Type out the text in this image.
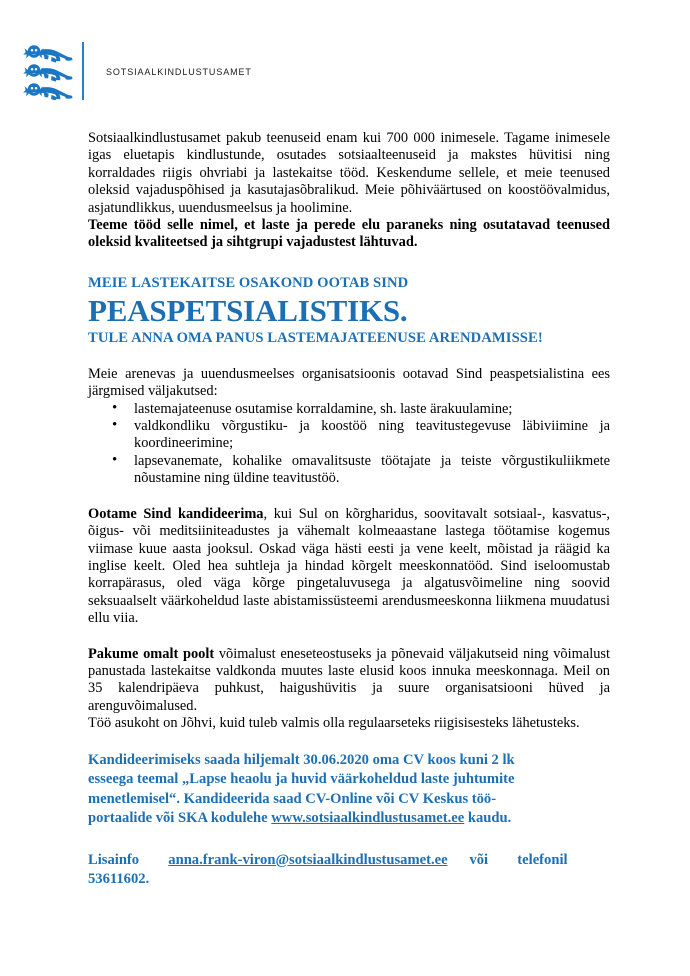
sotsiaalkindlustusamet

Sotsiaalkindlustusamet pakub teenuseid enam kui 700 000 inimesele. Tagame inimesele igas eluetapis kindlustunde, osutades sotsiaalteenuseid ja makstes hüvitisi ning korraldades riigis ohvriabi ja lastekaitse tööd. Keskendume sellele, et meie teenused oleksid vajaduspõhised ja kasutajasõbralikud. Meie põhiväärtused on koostöövalmidus, asjatundlikkus, uuendusmeelsus ja hoolimine.

Teeme tööd selle nimel, et laste ja perede elu paraneks ning osutatavad teenused oleksid kvaliteetsed ja sihtgrupi vajadustest lähtuvad.

MEIE LASTEKAITSE OSAKOND OOTAB SIND
PEASPETSIALISTIKS.
TULE ANNA OMA PANUS LASTEMAJATEENUSE ARENDAMISSE!

Meie arenevas ja uuendusmeelses organisatsioonis ootavad Sind peaspetsialistina ees järgmised väljakutsed:

• lastemajateenuse osutamise korraldamine, sh. laste ärakuulamine;
• valdkondliku võrgustiku- ja koostöö ning teavitustegevuse läbiviimine ja koordineerimine;
• lapsevanemate, kohalike omavalitsuste töötajate ja teiste võrgustikuliikmete nõustamine ning üldine teavitustöö.

Ootame Sind kandideerima, kui Sul on kõrgharidus, soovitavalt sotsiaal-, kasvatus-, õigus- või meditsiiniteadustes ja vähemalt kolmeaastane lastega töötamise kogemus viimase kuue aasta jooksul. Oskad väga hästi eesti ja vene keelt, mõistad ja räägid ka inglise keelt. Oled hea suhtleja ja hindad kõrgelt meeskonnatööd. Sind iseloomustab korrapärasus, oled väga kõrge pingetaluvusega ja algatusvõimeline ning soovid seksuaalselt väärkoheldud laste abistamissüsteemi arendusmeeskonna liikmena muudatusi ellu viia.

Pakume omalt poolt võimalust eneseteostuseks ja põnevaid väljakutseid ning võimalust panustada lastekaitse valdkonda muutes laste elusid koos innuka meeskonnaga. Meil on 35 kalendripäeva puhkust, haigushüvitis ja suure organisatsiooni hüved ja arenguvõimalused.

Töö asukoht on Jõhvi, kuid tuleb valmis olla regulaarseteks riigisisesteks lähetusteks.

Kandideerimiseks saada hiljemalt 30.06.2020 oma CV koos kuni 2 lk
esseega teemal „Lapse heaolu ja huvid väärkoheldud laste juhtumite
menetlemisel“. Kandideerida saad CV-Online või CV Keskus töö-
portaalide või SKA kodulehe www.sotsiaalkindlustusamet.ee kaudu.
Lisainfo anna.frank-viron@sotsiaalkindlustusamet.ee või telefonil
53611602.
